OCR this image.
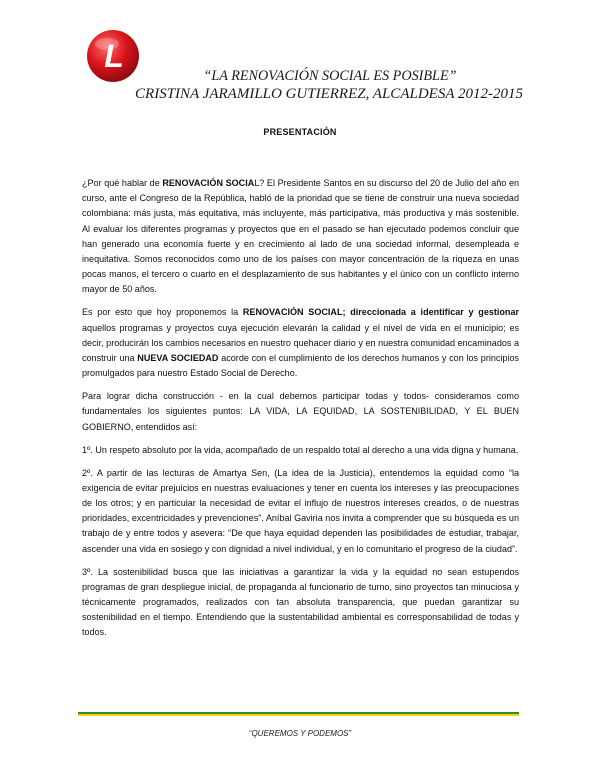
L
“LA RENOVACIÓN SOCIAL ES POSIBLE”
CRISTINA JARAMILLO GUTIERREZ, ALCALDESA 2012-2015
PRESENTACIÓN

¿Por qué hablar de RENOVACIÓN SOCIAL? El Presidente Santos en su discurso del 20 de Julio del año en curso, ante el Congreso de la República, habló de la prioridad que se tiene de construir una nueva sociedad colombiana: más justa, más equitativa, más incluyente, más participativa, más productiva y más sostenible. Al evaluar los diferentes programas y proyectos que en el pasado se han ejecutado podemos concluir que han generado una economía fuerte y en crecimiento al lado de una sociedad informal, desempleada e inequitativa. Somos reconocidos como uno de los países con mayor concentración de la riqueza en unas pocas manos, el tercero o cuarto en el desplazamiento de sus habitantes y el único con un conflicto interno mayor de 50 años.

Es por esto que hoy proponemos la RENOVACIÓN SOCIAL; direccionada a identificar y gestionar aquellos programas y proyectos cuya ejecución elevarán la calidad y el nivel de vida en el municipio; es decir, producirán los cambios necesarios en nuestro quehacer diario y en nuestra comunidad encaminados a construir una NUEVA SOCIEDAD acorde con el cumplimiento de los derechos humanos y con los principios promulgados para nuestro Estado Social de Derecho.

Para lograr dicha construcción - en la cual debemos participar todas y todos- consideramos como fundamentales los siguientes puntos: LA VIDA, LA EQUIDAD, LA SOSTENIBILIDAD, Y EL BUEN GOBIERNO, entendidos así:

1º. Un respeto absoluto por la vida, acompañado de un respaldo total al derecho a una vida digna y humana.

2º. A partir de las lecturas de Amartya Sen, (La idea de la Justicia), entendemos la equidad como “la exigencia de evitar prejuicios en nuestras evaluaciones y tener en cuenta los intereses y las preocupaciones de los otros; y en particular la necesidad de evitar el influjo de nuestros intereses creados, o de nuestras prioridades, excentricidades y prevenciones”. Aníbal Gaviria nos invita a comprender que su búsqueda es un trabajo de y entre todos y asevera: “De que haya equidad dependen las posibilidades de estudiar, trabajar, ascender una vida en sosiego y con dignidad a nivel individual, y en lo comunitario el progreso de la ciudad”.

3º. La sostenibilidad busca que las iniciativas a garantizar la vida y la equidad no sean estupendos programas de gran despliegue inicial, de propaganda al funcionario de turno, sino proyectos tan minuciosa y técnicamente programados, realizados con tan absoluta transparencia, que puedan garantizar su sostenibilidad en el tiempo. Entendiendo que la sustentabilidad ambiental es corresponsabilidad de todas y todos.

“QUEREMOS Y PODEMOS”
